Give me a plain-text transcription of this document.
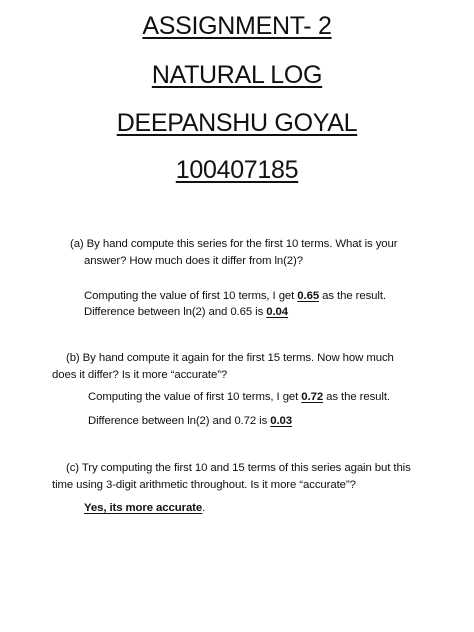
ASSIGNMENT- 2
NATURAL LOG
DEEPANSHU GOYAL
100407185
(a) By hand compute this series for the first 10 terms. What is your
answer? How much does it differ from ln(2)?
Computing the value of first 10 terms, I get 0.65 as the result.
Difference between ln(2) and 0.65 is 0.04
(b) By hand compute it again for the first 15 terms. Now how much
does it differ? Is it more “accurate”?
Computing the value of first 10 terms, I get 0.72 as the result.
Difference between ln(2) and 0.72 is 0.03
(c) Try computing the first 10 and 15 terms of this series again but this
time using 3-digit arithmetic throughout. Is it more “accurate”?
Yes, its more accurate.
